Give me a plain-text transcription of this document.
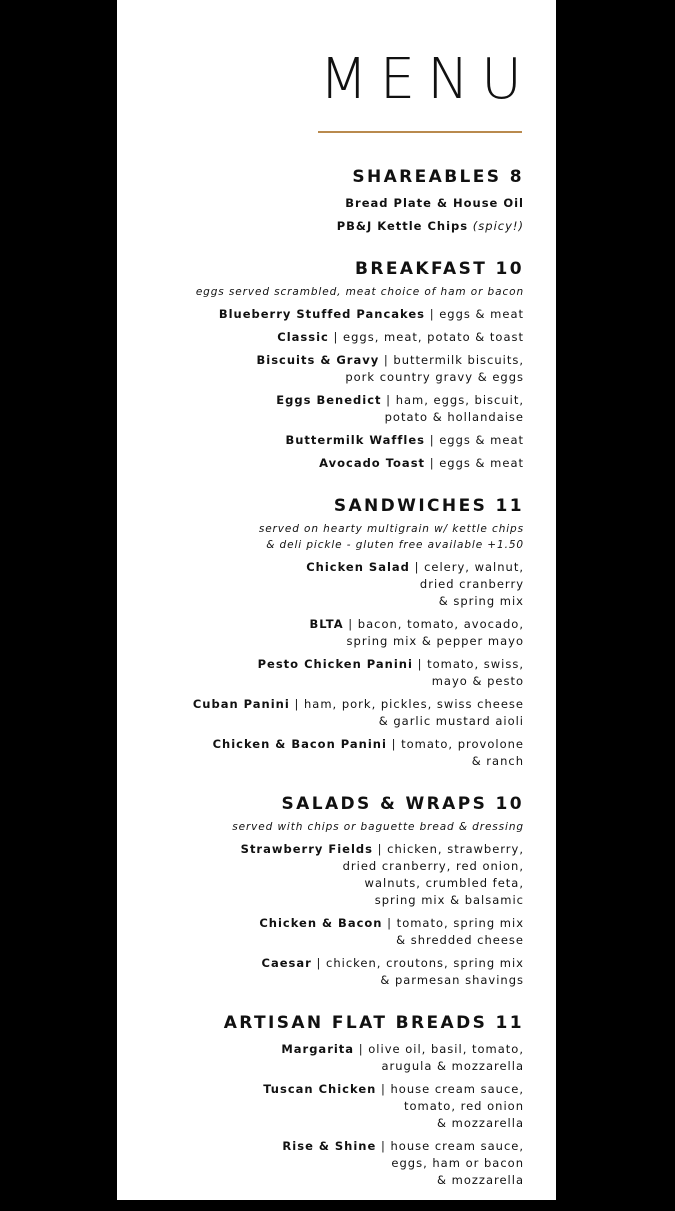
MENU
SHAREABLES 8
Bread Plate & House Oil
PB&J Kettle Chips (spicy!)
BREAKFAST 10
eggs served scrambled, meat choice of ham or bacon
Blueberry Stuffed Pancakes | eggs & meat
Classic | eggs, meat, potato & toast
Biscuits & Gravy | buttermilk biscuits,
pork country gravy & eggs
Eggs Benedict | ham, eggs, biscuit,
potato & hollandaise
Buttermilk Waffles | eggs & meat
Avocado Toast | eggs & meat
SANDWICHES 11
served on hearty multigrain w/ kettle chips
& deli pickle - gluten free available +1.50
Chicken Salad | celery, walnut,
dried cranberry
& spring mix
BLTA | bacon, tomato, avocado,
spring mix & pepper mayo
Pesto Chicken Panini | tomato, swiss,
mayo & pesto
Cuban Panini | ham, pork, pickles, swiss cheese
& garlic mustard aioli
Chicken & Bacon Panini | tomato, provolone
& ranch
SALADS & WRAPS 10
served with chips or baguette bread & dressing
Strawberry Fields | chicken, strawberry,
dried cranberry, red onion,
walnuts, crumbled feta,
spring mix & balsamic
Chicken & Bacon | tomato, spring mix
& shredded cheese
Caesar | chicken, croutons, spring mix
& parmesan shavings
ARTISAN FLAT BREADS 11
Margarita | olive oil, basil, tomato,
arugula & mozzarella
Tuscan Chicken | house cream sauce,
tomato, red onion
& mozzarella
Rise & Shine | house cream sauce,
eggs, ham or bacon
& mozzarella
